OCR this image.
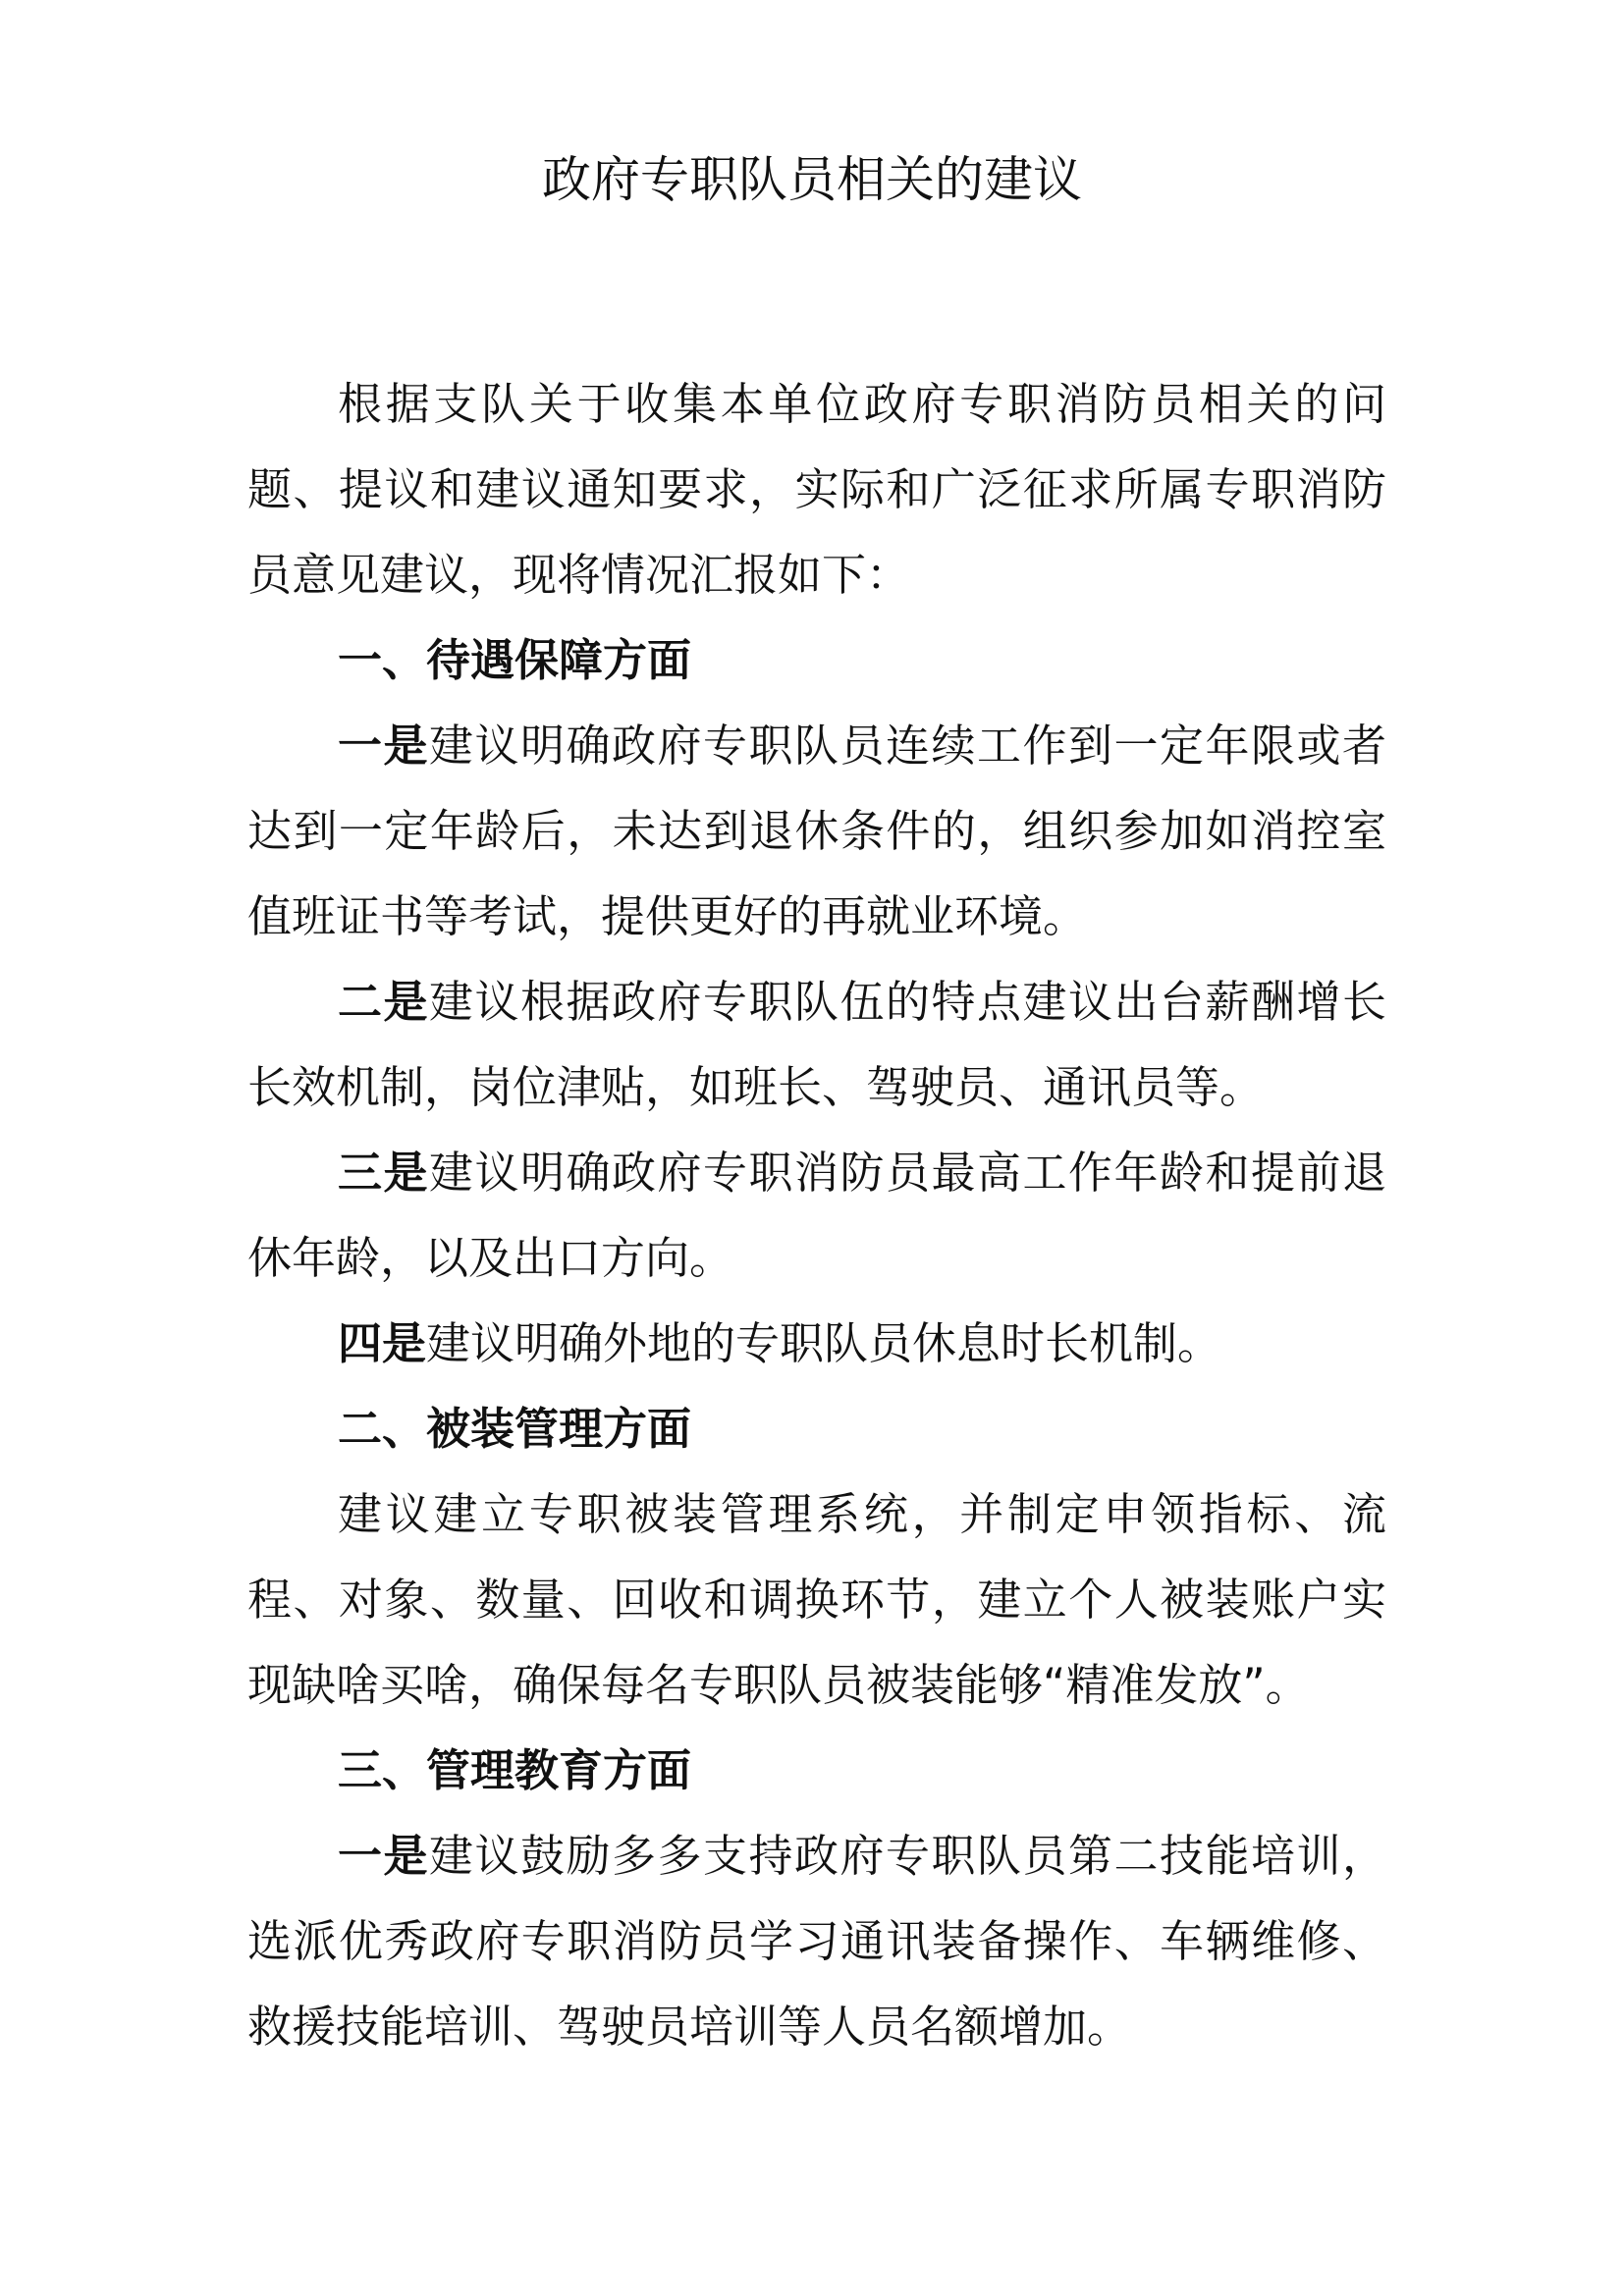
政府专职队员相关的建议

根据支队关于收集本单位政府专职消防员相关的问题、提议和建议通知要求，实际和广泛征求所属专职消防员意见建议，现将情况汇报如下：

一、待遇保障方面

一是建议明确政府专职队员连续工作到一定年限或者达到一定年龄后，未达到退休条件的，组织参加如消控室值班证书等考试，提供更好的再就业环境。

二是建议根据政府专职队伍的特点建议出台薪酬增长长效机制，岗位津贴，如班长、驾驶员、通讯员等。

三是建议明确政府专职消防员最高工作年龄和提前退休年龄，以及出口方向。

四是建议明确外地的专职队员休息时长机制。

二、被装管理方面

建议建立专职被装管理系统，并制定申领指标、流程、对象、数量、回收和调换环节，建立个人被装账户实现缺啥买啥，确保每名专职队员被装能够“精准发放”。

三、管理教育方面

一是建议鼓励多多支持政府专职队员第二技能培训，选派优秀政府专职消防员学习通讯装备操作、车辆维修、救援技能培训、驾驶员培训等人员名额增加。
